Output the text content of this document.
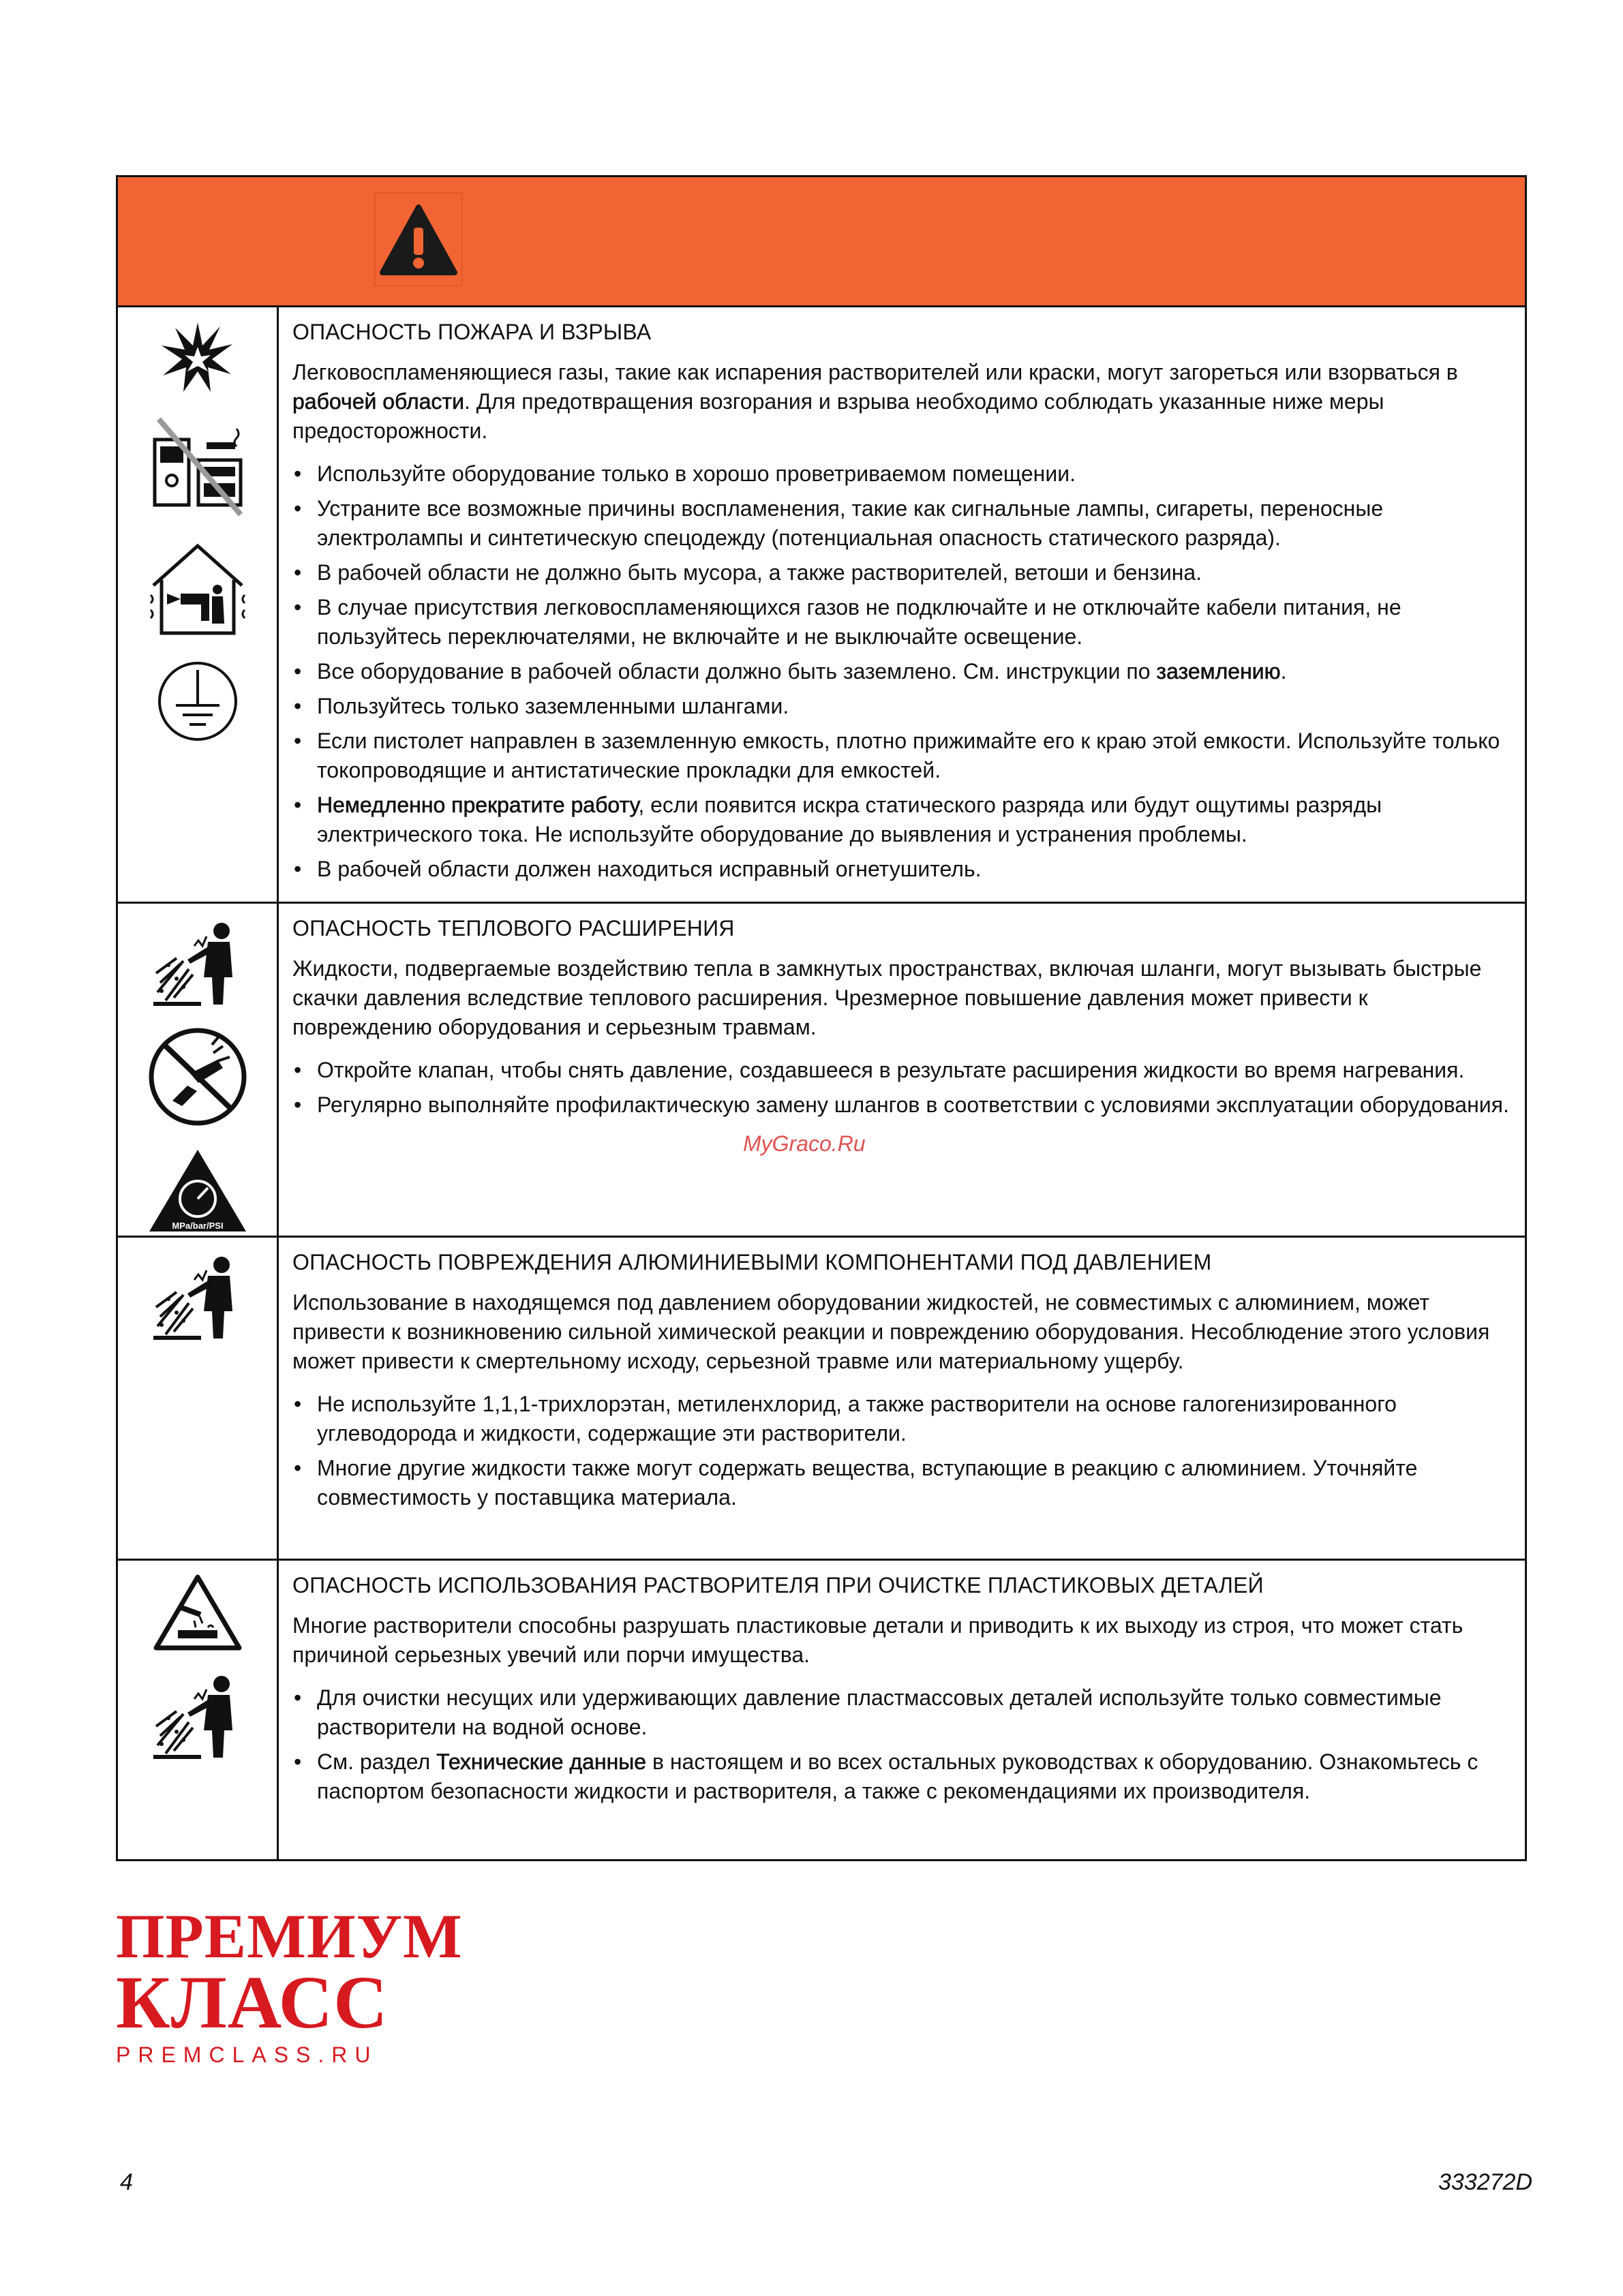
ОПАСНОСТЬ ПОЖАРА И ВЗРЫВА

Легковоспламеняющиеся газы, такие как испарения растворителей или краски, могут загореться или взорваться в рабочей области. Для предотвращения возгорания и взрыва необходимо соблюдать указанные ниже меры предосторожности.

• Используйте оборудование только в хорошо проветриваемом помещении.
• Устраните все возможные причины воспламенения, такие как сигнальные лампы, сигареты, переносные электролампы и синтетическую спецодежду (потенциальная опасность статического разряда).
• В рабочей области не должно быть мусора, а также растворителей, ветоши и бензина.
• В случае присутствия легковоспламеняющихся газов не подключайте и не отключайте кабели питания, не пользуйтесь переключателями, не включайте и не выключайте освещение.
• Все оборудование в рабочей области должно быть заземлено. См. инструкции по заземлению.
• Пользуйтесь только заземленными шлангами.
• Если пистолет направлен в заземленную емкость, плотно прижимайте его к краю этой емкости. Используйте только токопроводящие и антистатические прокладки для емкостей.
• Немедленно прекратите работу, если появится искра статического разряда или будут ощутимы разряды электрического тока. Не используйте оборудование до выявления и устранения проблемы.
• В рабочей области должен находиться исправный огнетушитель.
MPa/bar/PSI
ОПАСНОСТЬ ТЕПЛОВОГО РАСШИРЕНИЯ

Жидкости, подвергаемые воздействию тепла в замкнутых пространствах, включая шланги, могут вызывать быстрые скачки давления вследствие теплового расширения. Чрезмерное повышение давления может привести к повреждению оборудования и серьезным травмам.

• Откройте клапан, чтобы снять давление, создавшееся в результате расширения жидкости во время нагревания.
• Регулярно выполняйте профилактическую замену шлангов в соответствии с условиями эксплуатации оборудования.
ОПАСНОСТЬ ПОВРЕЖДЕНИЯ АЛЮМИНИЕВЫМИ КОМПОНЕНТАМИ ПОД ДАВЛЕНИЕМ

Использование в находящемся под давлением оборудовании жидкостей, не совместимых с алюминием, может привести к возникновению сильной химической реакции и повреждению оборудования. Несоблюдение этого условия может привести к смертельному исходу, серьезной травме или материальному ущербу.

• Не используйте 1,1,1-трихлорэтан, метиленхлорид, а также растворители на основе галогенизированного углеводорода и жидкости, содержащие эти растворители.
• Многие другие жидкости также могут содержать вещества, вступающие в реакцию с алюминием. Уточняйте совместимость у поставщика материала.
ОПАСНОСТЬ ИСПОЛЬЗОВАНИЯ РАСТВОРИТЕЛЯ ПРИ ОЧИСТКЕ ПЛАСТИКОВЫХ ДЕТАЛЕЙ

Многие растворители способны разрушать пластиковые детали и приводить к их выходу из строя, что может стать причиной серьезных увечий или порчи имущества.

• Для очистки несущих или удерживающих давление пластмассовых деталей используйте только совместимые растворители на водной основе.
• См. раздел Технические данные в настоящем и во всех остальных руководствах к оборудованию. Ознакомьтесь с паспортом безопасности жидкости и растворителя, а также с рекомендациями их производителя.
MyGraco.Ru
ПРЕМИУМ
КЛАСС
PREMCLASS.RU
4	333272D
